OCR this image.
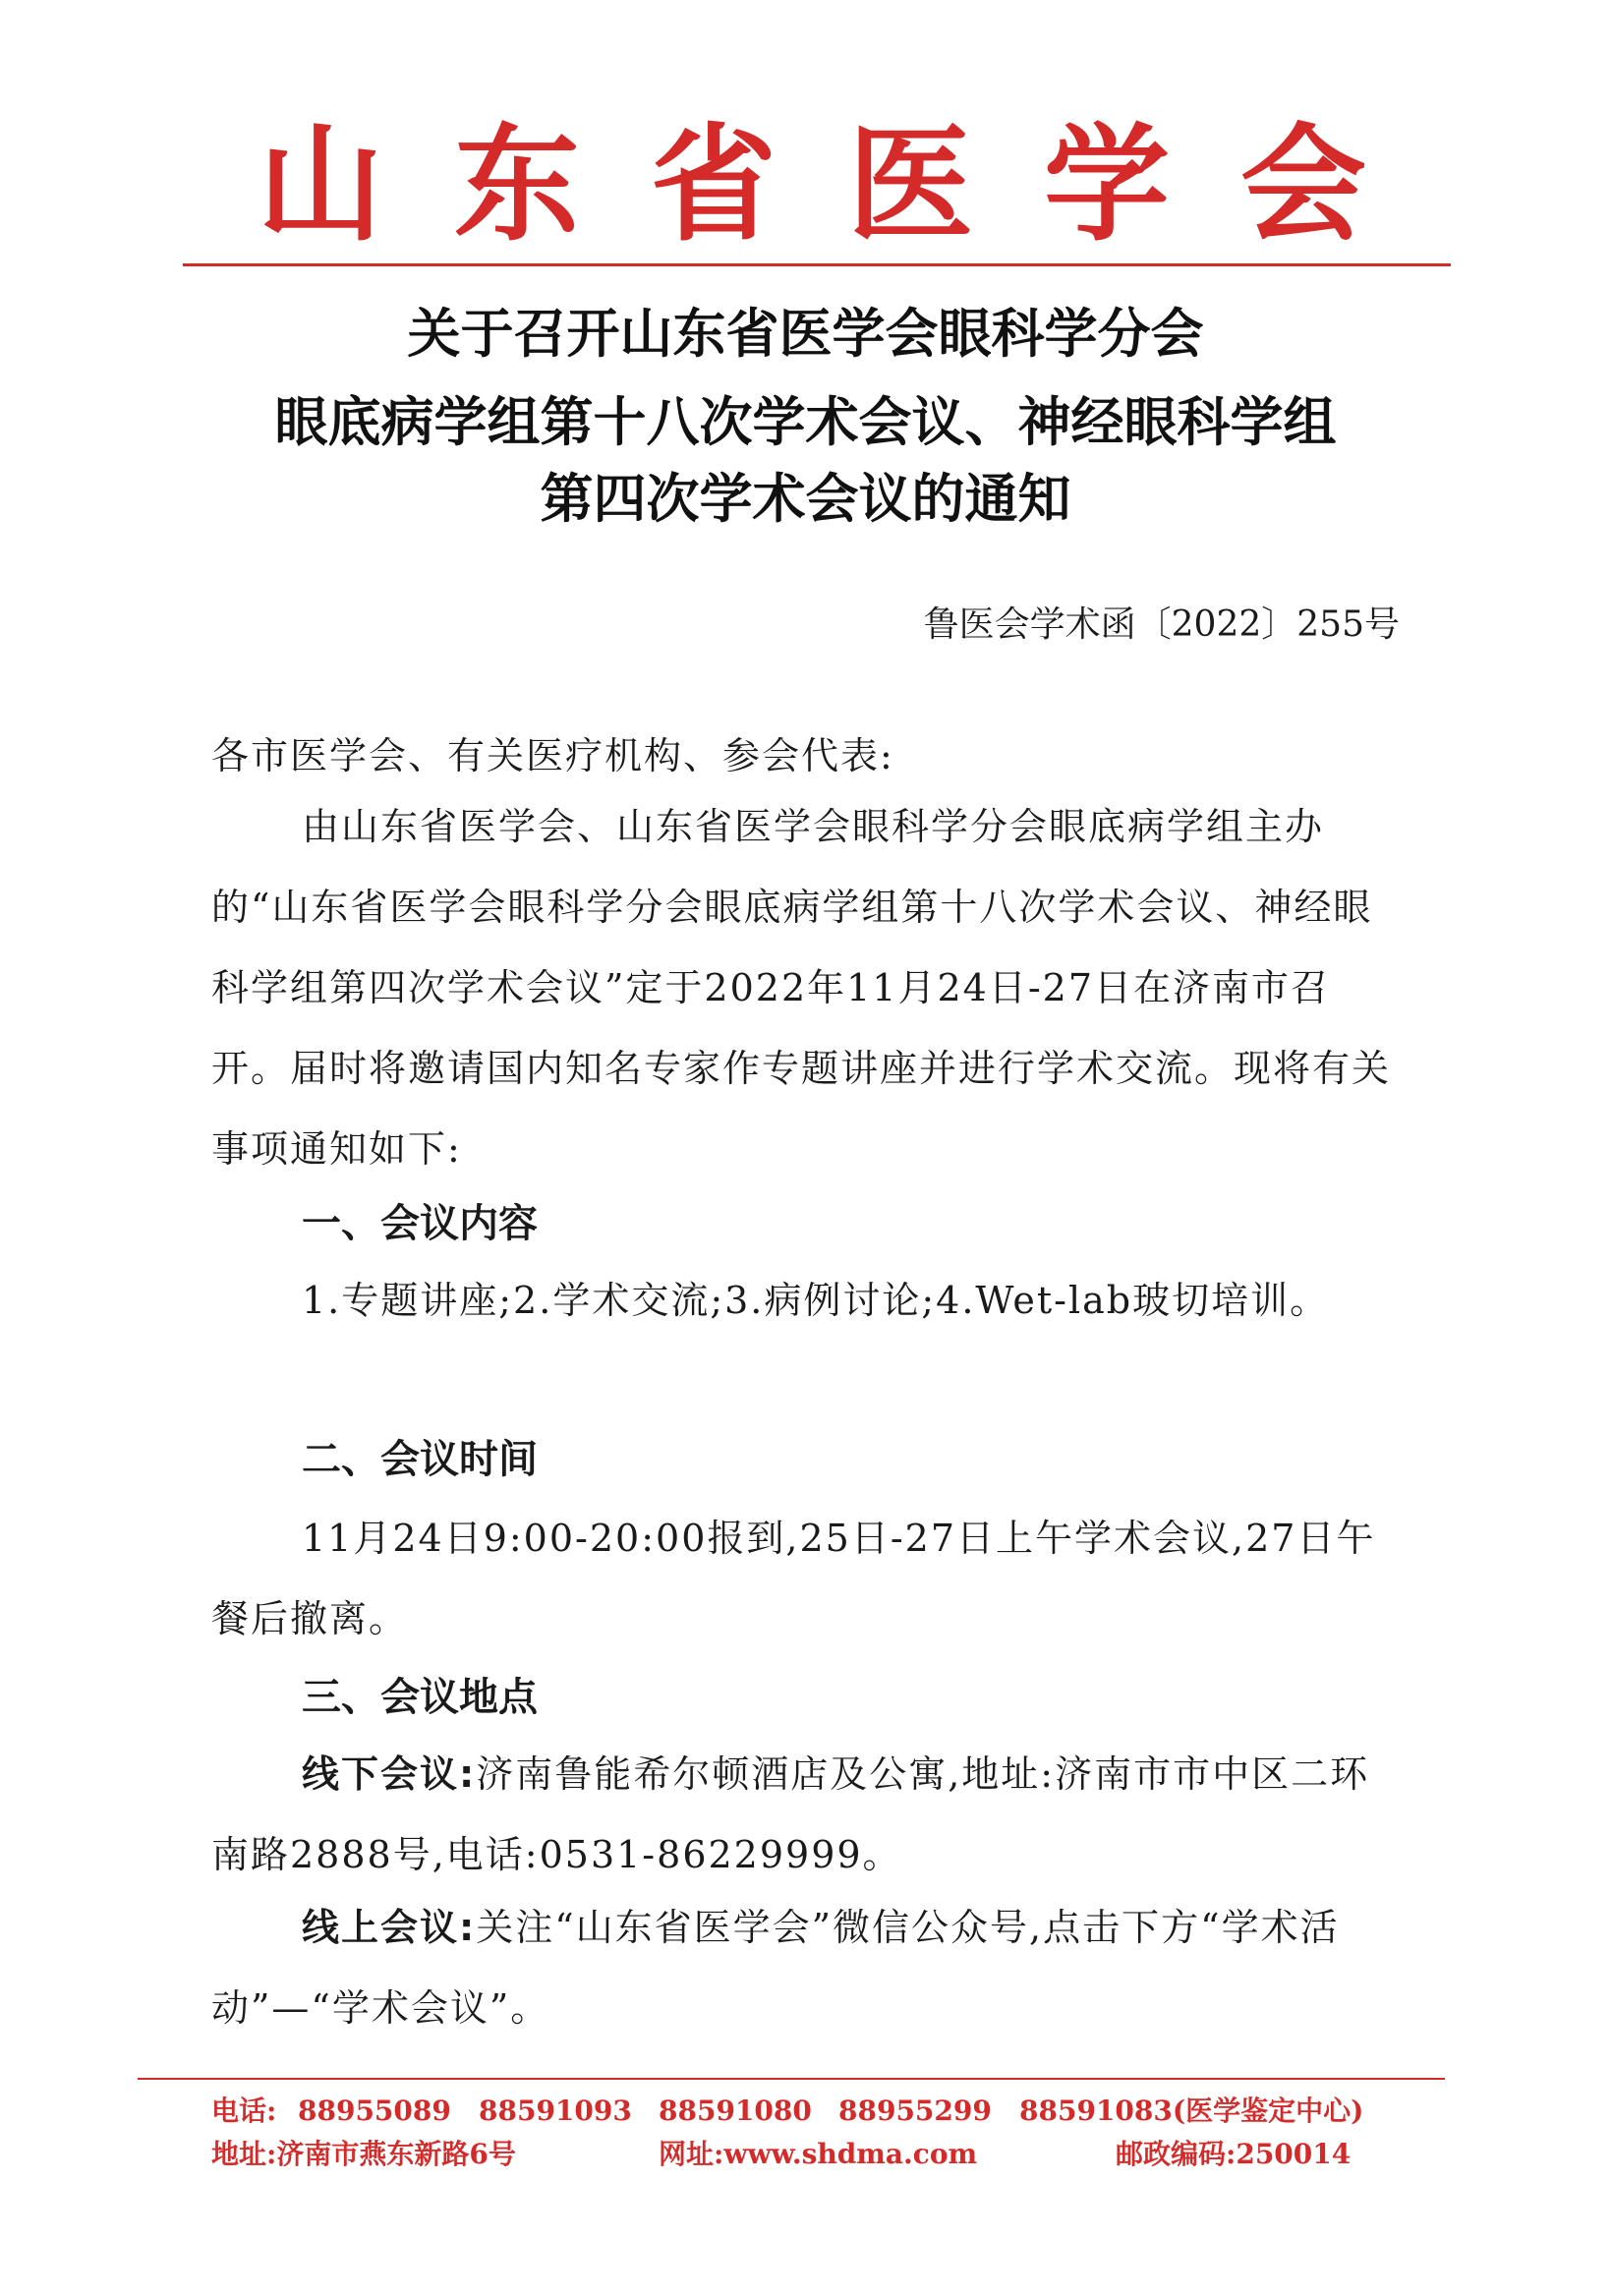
山 东 省 医 学 会
关于召开山东省医学会眼科学分会
眼底病学组第十八次学术会议、神经眼科学组
第四次学术会议的通知
鲁医会学术函〔2022〕255号
各市医学会、有关医疗机构、参会代表:
由山东省医学会、山东省医学会眼科学分会眼底病学组主办的“山东省医学会眼科学分会眼底病学组第十八次学术会议、神经眼科学组第四次学术会议”定于2022年11月24日-27日在济南市召开。届时将邀请国内知名专家作专题讲座并进行学术交流。现将有关事项通知如下:
一、会议内容
1.专题讲座;2.学术交流;3.病例讨论;4.Wet-lab玻切培训。
二、会议时间
11月24日9:00-20:00报到,25日-27日上午学术会议,27日午餐后撤离。
三、会议地点
线下会议:济南鲁能希尔顿酒店及公寓,地址:济南市市中区二环南路2888号,电话:0531-86229999。
线上会议:关注“山东省医学会”微信公众号,点击下方“学术活动”—“学术会议”。
电话: 88955089 88591093 88591080 88955299 88591083(医学鉴定中心)
地址:济南市燕东新路6号	网址:www.shdma.com	邮政编码:250014
